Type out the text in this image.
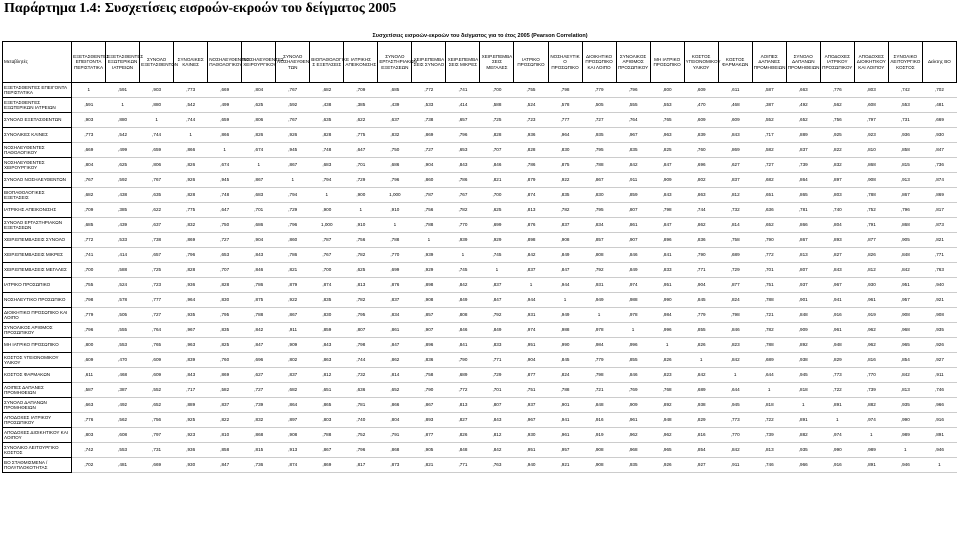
Παράρτημα 1.4: Συσχετίσεις εισροών-εκροών του δείγματος 2005
Συσχετίσεις εισροών-εκροών του δείγματος για το έτος 2005 (Pearson Correlation)
Μεταβλητές	ΕΞΕΤΑΣΘΕΝΤΕΣ ΕΠΕΙΓΟΝΤΑ ΠΕΡΙΣΤΑΤΙΚΑ	ΕΞΕΤΑΣΘΕΝΤΕΣ ΕΞΩΤΕΡΙΚΩΝ ΙΑΤΡΕΙΩΝ	ΣΥΝΟΛΟ ΕΞΕΤΑΣΘΕΝΤΩΝ	ΣΥΝΟΛΙΚΕΣ ΚΛΙΝΕΣ	ΝΟΣΗΛΕΥΘΕΝΤΕΣ ΠΑΘΟΛΟΓΙΚΟΥ	ΝΟΣΗΛΕΥΘΕΝΤΕΣ ΧΕΙΡΟΥΡΓΙΚΟΥ	ΣΥΝΟΛΟ ΝΟΣΗΛΕΥΘΕΝ ΤΩΝ	ΒΙΟΠΑΘΟΛΟΓΙΚΕ Σ ΕΞΕΤΑΣΕΙΣ	ΙΑΤΡΙΚΗΣ ΑΠΕΙΚΟΝΙΣΗΣ	ΣΥΝΟΛΟ ΕΡΓΑΣΤΗΡΙΑΚΩΝ ΕΞΕΤΑΣΕΩΝ	ΧΕΙΡ.ΕΠΕΜΒΑ ΣΕΙΣ ΣΥΝΟΛΟ	ΧΕΙΡ.ΕΠΕΜΒΑ ΣΕΙΣ ΜΙΚΡΕΣ	ΧΕΙΡ.ΕΠΕΜΒΑ ΣΕΙΣ ΜΕΓΑΛΕΣ	ΙΑΤΡΙΚΟ ΠΡΟΣΩΠΙΚΟ	ΝΟΣΗΛΕΥΤΙΚ Ο ΠΡΟΣΩΠΙΚΟ	ΔΙΟΙΚΗΤΙΚΟ ΠΡΟΣΩΠΙΚΟ ΚΑΙ ΛΟΙΠΟ	ΣΥΝΟΛΙΚΟΣ ΑΡΙΘΜΟΣ ΠΡΟΣΩΠΙΚΟΥ	ΜΗ ΙΑΤΡΙΚΟ ΠΡΟΣΩΠΙΚΟ	ΚΟΣΤΟΣ ΥΓΕΙΟΝΟΜΙΚΟΥ ΥΛΙΚΟΥ	ΚΟΣΤΟΣ ΦΑΡΜΑΚΩΝ	ΛΟΙΠΕΣ ΔΑΠΑΝΕΣ ΠΡΟΜΗΘΕΙΩΝ	ΣΥΝΟΛΟ ΔΑΠΑΝΩΝ ΠΡΟΜΗΘΕΙΩΝ	ΑΠΟΔΟΧΕΣ ΙΑΤΡΙΚΟΥ ΠΡΟΣΩΠΙΚΟΥ	ΑΠΟΔΟΧΕΣ ΔΙΟΙΚΗΤΙΚΟΥ ΚΑΙ ΛΟΙΠΟΥ	ΣΥΝΟΛΙΚΟ ΛΕΙΤΟΥΡΓΙΚΟ ΚΟΣΤΟΣ	Δείκτης ΒΟ
ΕΞΕΤΑΣΘΕΝΤΕΣ ΕΠΕΙΓΟΝΤΑ ΠΕΡΙΣΤΑΤΙΚΑ	1	,591	,903	,773	,669	,804	,767	,682	,709	,685	,772	,741	,700	,755	,798	,779	,796	,800	,609	,611	,587	,663	,776	,803	,742	,702
ΕΞΕΤΑΣΘΕΝΤΕΣ ΕΞΩΤΕΡΙΚΩΝ ΙΑΤΡΕΙΩΝ	,591	1	,880	,542	,499	,625	,592	,438	,385	,439	,533	,414	,588	,524	,578	,505	,555	,553	,470	,468	,387	,492	,562	,608	,553	,481
ΣΥΝΟΛΟ ΕΞΕΤΑΣΘΕΝΤΩΝ	,903	,880	1	,744	,659	,806	,767	,635	,622	,637	,738	,657	,725	,723	,777	,727	,764	,765	,609	,609	,552	,652	,756	,797	,731	,669
ΣΥΝΟΛΙΚΕΣ ΚΛΙΝΕΣ	,773	,542	,744	1	,866	,826	,926	,828	,775	,832	,869	,796	,828	,936	,964	,935	,967	,963	,839	,843	,717	,889	,925	,923	,936	,930
ΝΟΣΗΛΕΥΘΕΝΤΕΣ ΠΑΘΟΛΟΓΙΚΟΥ	,669	,499	,659	,866	1	,674	,945	,748	,647	,750	,727	,653	,707	,828	,830	,795	,835	,825	,760	,869	,582	,837	,822	,810	,858	,847
ΝΟΣΗΛΕΥΘΕΝΤΕΣ ΧΕΙΡΟΥΡΓΙΚΟΥ	,804	,625	,806	,826	,674	1	,867	,683	,701	,686	,904	,843	,846	,786	,875	,788	,842	,847	,696	,627	,727	,739	,832	,868	,815	,736
ΣΥΝΟΛΟ ΝΟΣΗΛΕΥΘΕΝΤΩΝ	,767	,592	,767	,926	,945	,867	1	,794	,729	,796	,860	,786	,821	,879	,922	,867	,911	,909	,802	,837	,682	,864	,897	,908	,913	,874
ΒΙΟΠΑΘΟΛΟΓΙΚΕΣ ΕΞΕΤΑΣΕΙΣ	,682	,438	,635	,828	,748	,683	,794	1	,900	1,000	,787	,767	,700	,874	,835	,830	,859	,843	,863	,812	,651	,865	,803	,788	,867	,869
ΙΑΤΡΙΚΗΣ ΑΠΕΙΚΟΝΙΣΗΣ	,709	,385	,622	,775	,647	,701	,729	,900	1	,910	,756	,782	,625	,813	,782	,795	,807	,798	,744	,732	,636	,781	,740	,752	,796	,817
ΣΥΝΟΛΟ ΕΡΓΑΣΤΗΡΙΑΚΩΝ ΕΞΕΤΑΣΕΩΝ	,685	,439	,637	,832	,750	,686	,796	1,000	,910	1	,788	,770	,699	,876	,837	,834	,861	,847	,862	,814	,652	,866	,804	,791	,868	,873
ΧΕΙΡ.ΕΠΕΜΒΑΣΕΙΣ ΣΥΝΟΛΟ	,772	,533	,738	,869	,727	,904	,860	,787	,756	,788	1	,939	,929	,898	,908	,857	,907	,896	,836	,758	,790	,867	,893	,877	,905	,821
ΧΕΙΡ.ΕΠΕΜΒΑΣΕΙΣ ΜΙΚΡΕΣ	,741	,414	,657	,796	,653	,843	,786	,767	,782	,770	,939	1	,745	,842	,849	,808	,846	,841	,790	,689	,772	,813	,827	,826	,848	,771
ΧΕΙΡ.ΕΠΕΜΒΑΣΕΙΣ ΜΕΓΑΛΕΣ	,700	,588	,725	,828	,707	,846	,821	,700	,625	,699	,929	,745	1	,837	,847	,792	,849	,833	,771	,729	,701	,807	,843	,812	,842	,763
ΙΑΤΡΙΚΟ ΠΡΟΣΩΠΙΚΟ	,755	,524	,723	,936	,828	,786	,879	,874	,813	,876	,898	,842	,837	1	,944	,931	,974	,951	,904	,877	,751	,937	,967	,930	,951	,940
ΝΟΣΗΛΕΥΤΙΚΟ ΠΡΟΣΩΠΙΚΟ	,798	,578	,777	,964	,830	,875	,922	,835	,782	,837	,908	,849	,847	,944	1	,949	,988	,990	,845	,824	,788	,901	,941	,961	,957	,921
ΔΙΟΙΚΗΤΙΚΟ ΠΡΟΣΩΠΙΚΟ ΚΑΙ ΛΟΙΠΟ	,779	,505	,727	,935	,795	,788	,867	,830	,795	,834	,857	,808	,792	,931	,949	1	,978	,984	,779	,798	,721	,848	,916	,919	,908	,908
ΣΥΝΟΛΙΚΟΣ ΑΡΙΘΜΟΣ ΠΡΟΣΩΠΙΚΟΥ	,796	,555	,764	,967	,835	,842	,911	,859	,807	,861	,907	,846	,849	,974	,988	,978	1	,996	,855	,846	,782	,909	,961	,962	,968	,935
ΜΗ ΙΑΤΡΙΚΟ ΠΡΟΣΩΠΙΚΟ	,800	,553	,765	,963	,825	,847	,909	,843	,798	,847	,896	,841	,833	,951	,990	,984	,996	1	,826	,823	,788	,892	,948	,962	,965	,926
ΚΟΣΤΟΣ ΥΓΕΙΟΝΟΜΙΚΟΥ ΥΛΙΚΟΥ	,609	,470	,609	,839	,760	,696	,802	,863	,744	,862	,836	,790	,771	,904	,845	,779	,855	,826	1	,842	,689	,938	,829	,816	,854	,927
ΚΟΣΤΟΣ ΦΑΡΜΑΚΩΝ	,611	,468	,609	,843	,869	,627	,837	,812	,732	,814	,758	,689	,729	,877	,824	,798	,846	,823	,842	1	,644	,945	,773	,770	,842	,911
ΛΟΙΠΕΣ ΔΑΠΑΝΕΣ ΠΡΟΜΗΘΕΙΩΝ	,587	,387	,552	,717	,582	,727	,682	,651	,636	,652	,790	,772	,701	,751	,788	,721	,769	,768	,689	,644	1	,818	,722	,739	,813	,746
ΣΥΝΟΛΟ ΔΑΠΑΝΩΝ ΠΡΟΜΗΘΕΙΩΝ	,663	,492	,652	,889	,837	,739	,864	,865	,781	,866	,867	,813	,807	,937	,901	,848	,909	,892	,938	,945	,818	1	,891	,882	,935	,966
ΑΠΟΔΟΧΕΣ ΙΑΤΡΙΚΟΥ ΠΡΟΣΩΠΙΚΟΥ	,776	,562	,756	,925	,822	,832	,897	,803	,740	,804	,893	,827	,843	,967	,941	,916	,961	,948	,829	,773	,722	,891	1	,974	,990	,916
ΑΠΟΔΟΧΕΣ ΔΙΟΙΚΗΤΙΚΟΥ ΚΑΙ ΛΟΙΠΟΥ	,803	,608	,797	,923	,810	,868	,908	,788	,752	,791	,877	,826	,812	,930	,961	,919	,962	,962	,816	,770	,739	,882	,974	1	,989	,891
ΣΥΝΟΛΙΚΟ ΛΕΙΤΟΥΡΓΙΚΟ ΚΟΣΤΟΣ	,742	,553	,731	,936	,858	,815	,913	,867	,796	,868	,905	,848	,842	,951	,957	,908	,968	,965	,854	,842	,813	,935	,990	,989	1	,946
ΒΟ ΣΤΑΘΜΙΣΜΕΝΑ / ΠΟΛΥΠΛΟΚΟΤΗΤΑΣ	,702	,481	,669	,930	,847	,736	,874	,869	,817	,873	,821	,771	,763	,940	,921	,908	,935	,926	,927	,911	,746	,966	,916	,891	,946	1
